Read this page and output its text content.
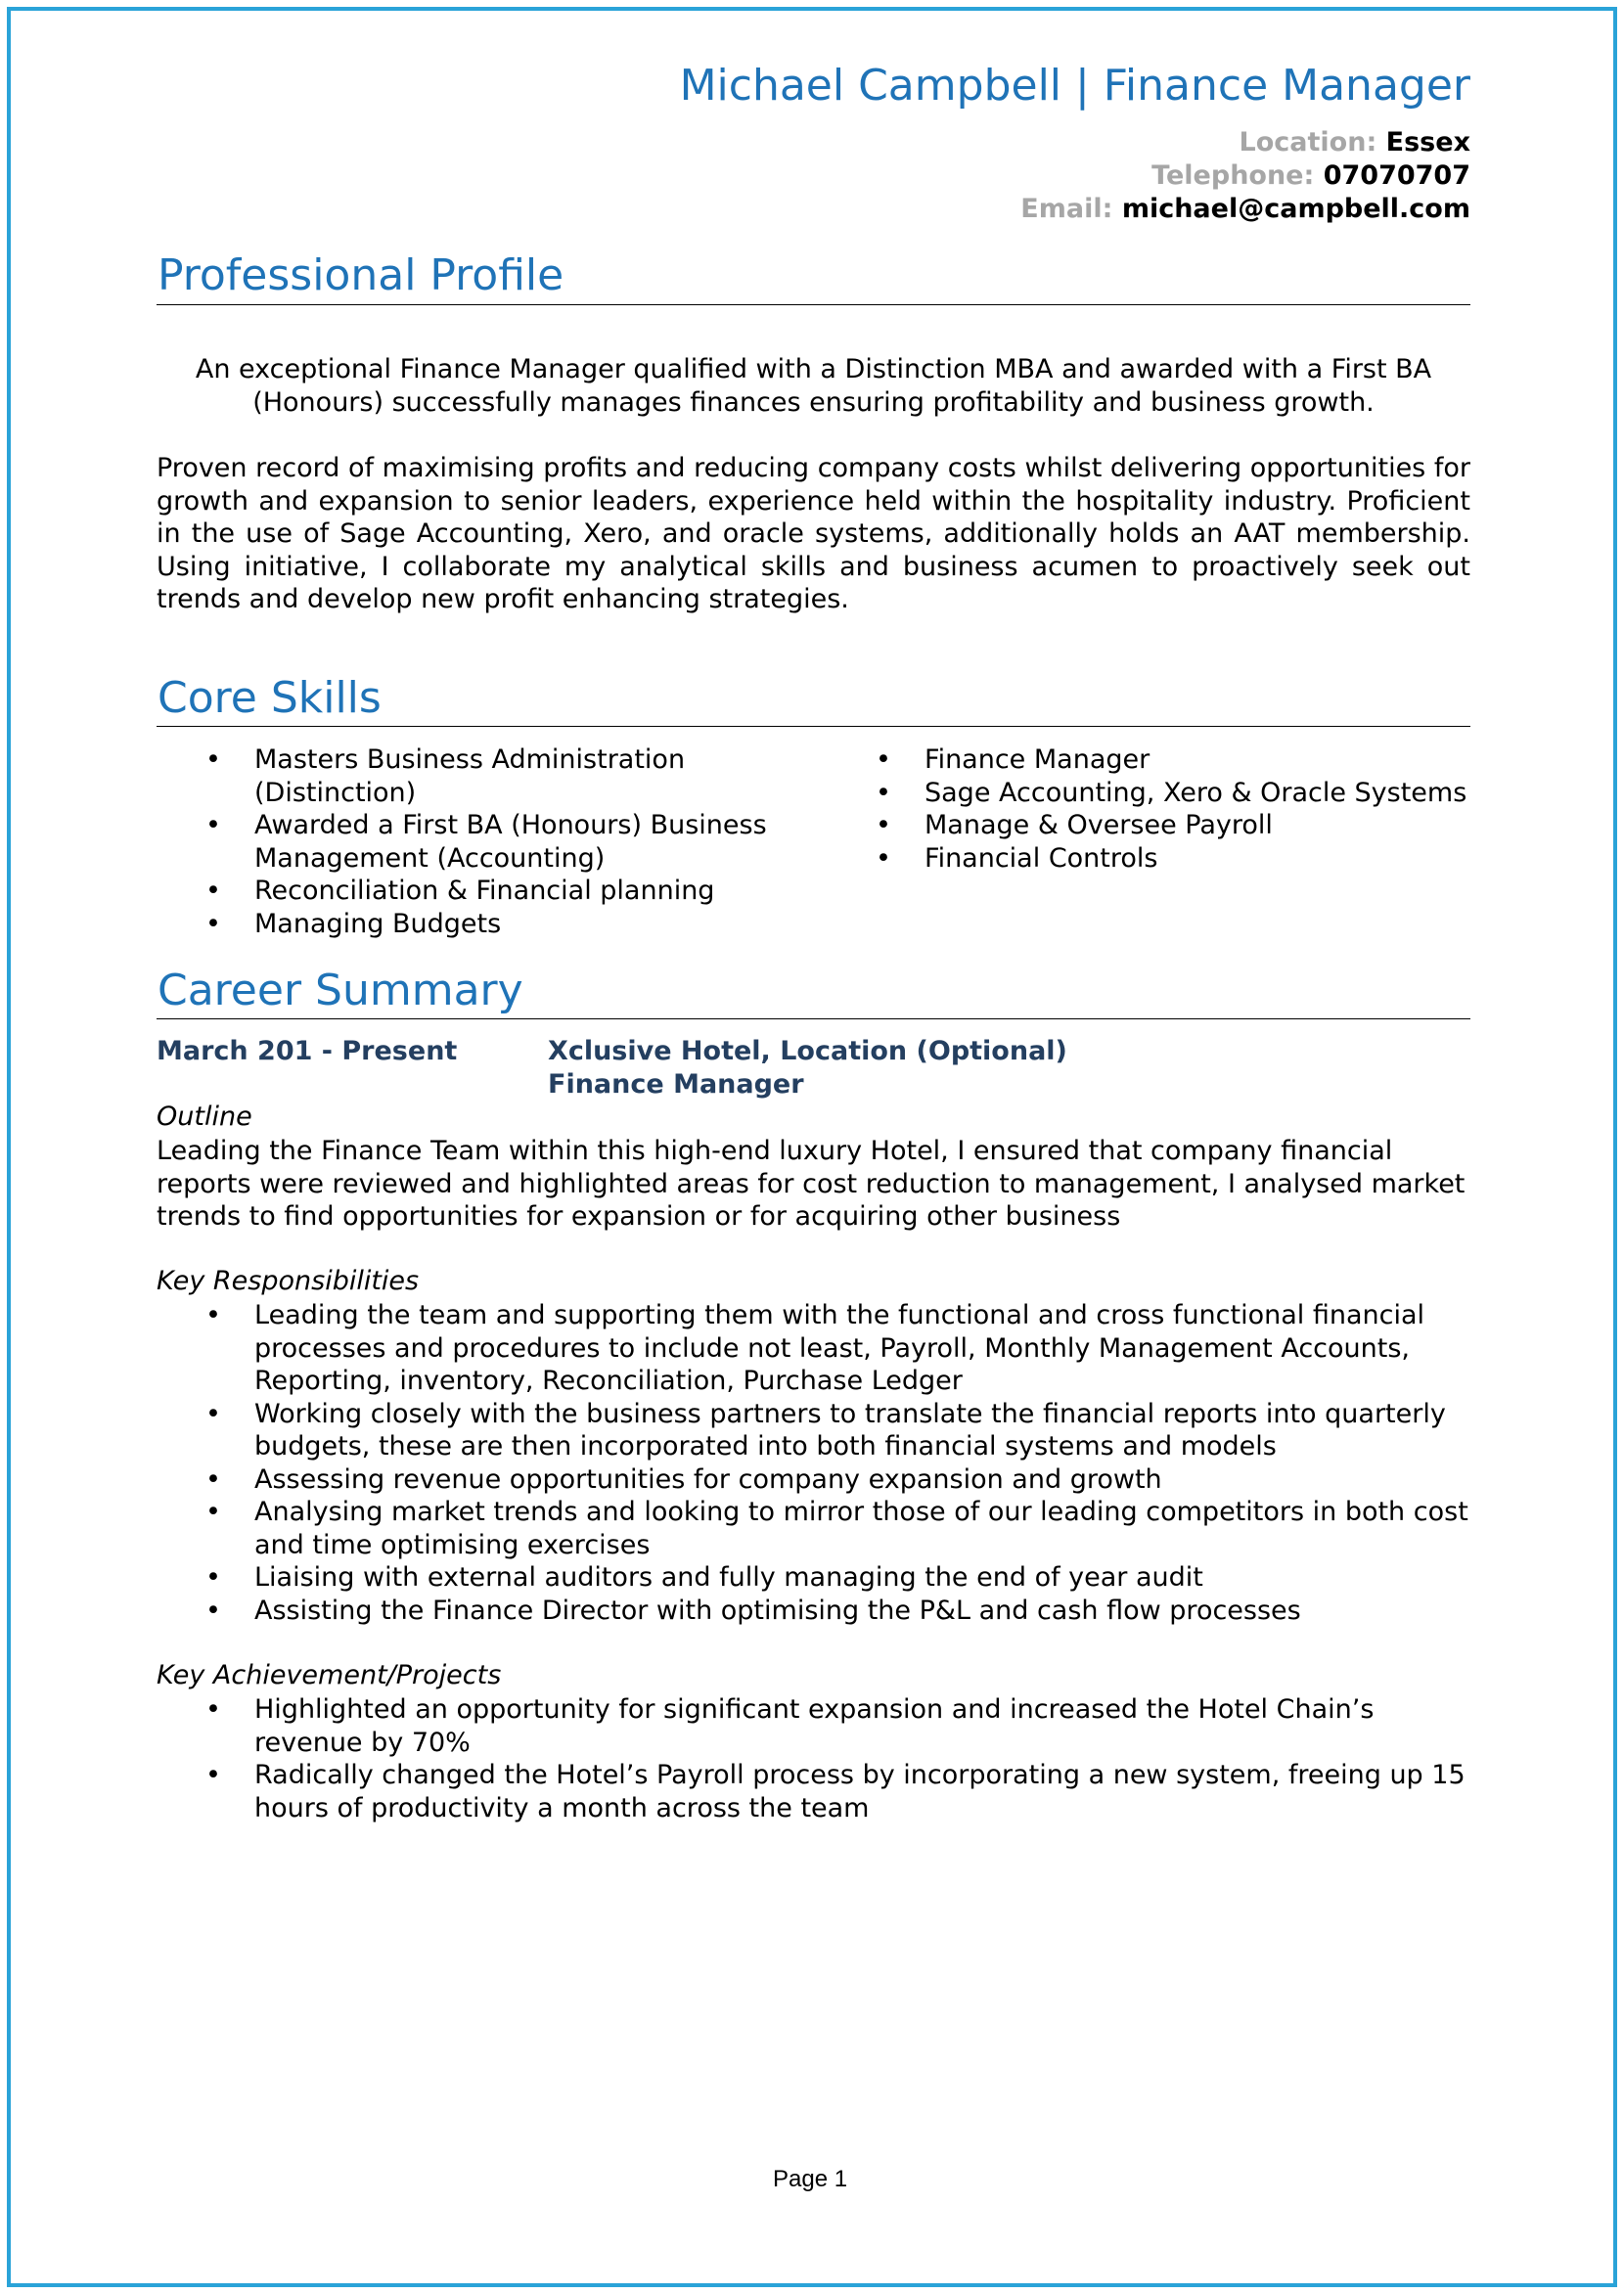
Michael Campbell | Finance Manager
Location: Essex
Telephone: 07070707
Email: michael@campbell.com
Professional Profile
An exceptional Finance Manager qualified with a Distinction MBA and awarded with a First BA (Honours) successfully manages finances ensuring profitability and business growth.
Proven record of maximising profits and reducing company costs whilst delivering opportunities for growth and expansion to senior leaders, experience held within the hospitality industry. Proficient in the use of Sage Accounting, Xero, and oracle systems, additionally holds an AAT membership. Using initiative, I collaborate my analytical skills and business acumen to proactively seek out trends and develop new profit enhancing strategies.
Core Skills
• Masters Business Administration (Distinction)
• Awarded a First BA (Honours) Business Management (Accounting)
• Reconciliation & Financial planning
• Managing Budgets
• Finance Manager
• Sage Accounting, Xero & Oracle Systems
• Manage & Oversee Payroll
• Financial Controls
Career Summary
March 201 - Present	Xclusive Hotel, Location (Optional)
Finance Manager
Outline
Leading the Finance Team within this high-end luxury Hotel, I ensured that company financial reports were reviewed and highlighted areas for cost reduction to management, I analysed market trends to find opportunities for expansion or for acquiring other business
Key Responsibilities
• Leading the team and supporting them with the functional and cross functional financial processes and procedures to include not least, Payroll, Monthly Management Accounts, Reporting, inventory, Reconciliation, Purchase Ledger
• Working closely with the business partners to translate the financial reports into quarterly budgets, these are then incorporated into both financial systems and models
• Assessing revenue opportunities for company expansion and growth
• Analysing market trends and looking to mirror those of our leading competitors in both cost and time optimising exercises
• Liaising with external auditors and fully managing the end of year audit
• Assisting the Finance Director with optimising the P&L and cash flow processes
Key Achievement/Projects
• Highlighted an opportunity for significant expansion and increased the Hotel Chain’s revenue by 70%
• Radically changed the Hotel’s Payroll process by incorporating a new system, freeing up 15 hours of productivity a month across the team
Page 1
